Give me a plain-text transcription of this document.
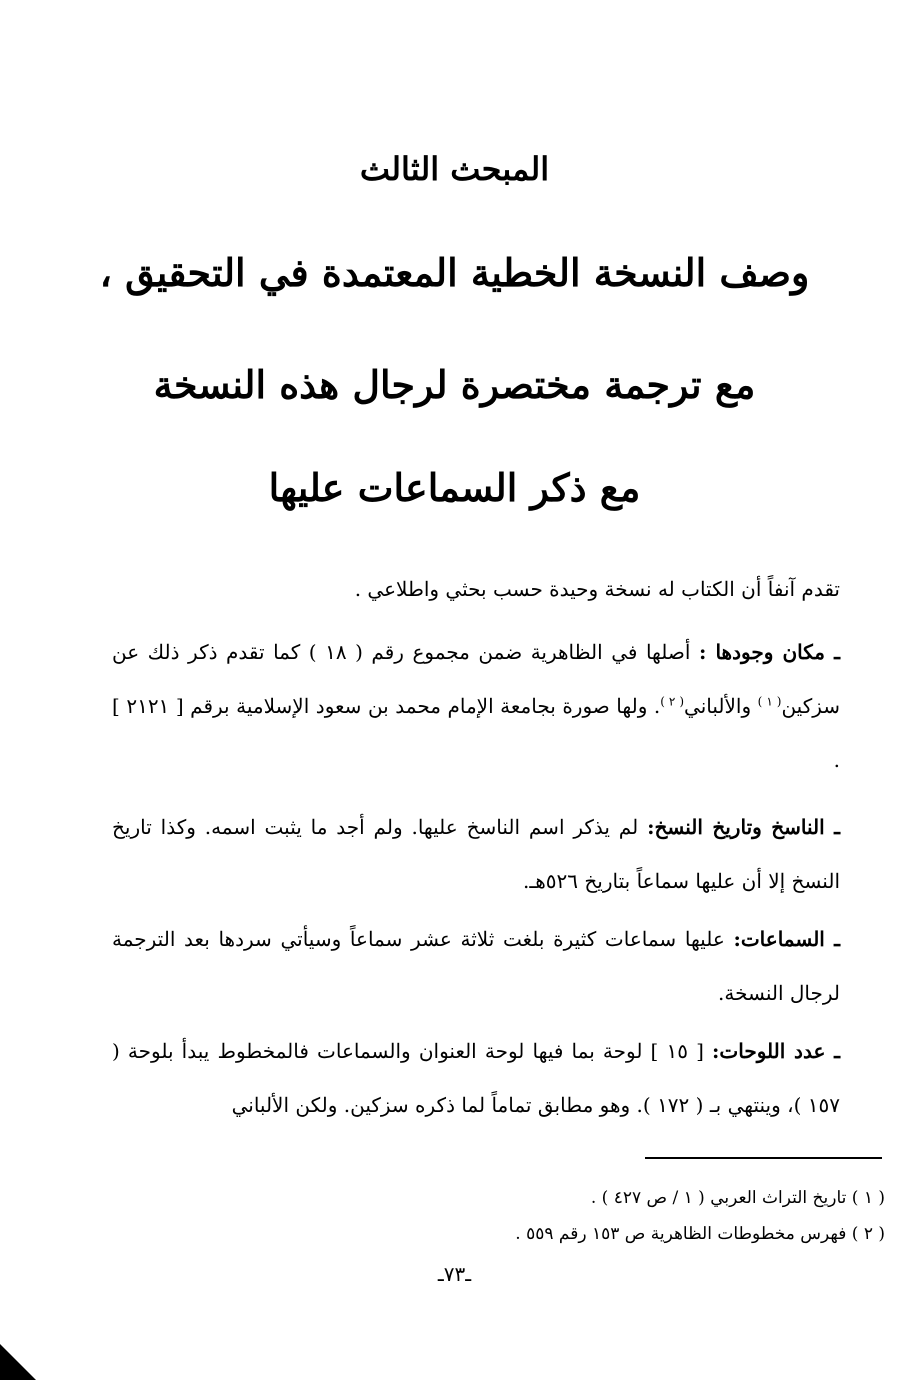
المبحث الثالث
وصف النسخة الخطية المعتمدة في التحقيق ،
مع ترجمة مختصرة لرجال هذه النسخة
مع ذكر السماعات عليها
تقدم آنفاً أن الكتاب له نسخة وحيدة حسب بحثي واطلاعي .
ـ مكان وجودها : أصلها في الظاهرية ضمن مجموع رقم ( ١٨ ) كما تقدم ذكر ذلك عن سزكين$^{( ١ )}$ والألباني$^{( ٢ )}$. ولها صورة بجامعة الإمام محمد بن سعود الإسلامية برقم [ ٢١٢١ ] .
ـ الناسخ وتاريخ النسخ: لم يذكر اسم الناسخ عليها. ولم أجد ما يثبت اسمه. وكذا تاريخ النسخ إلا أن عليها سماعاً بتاريخ ٥٢٦هـ.
ـ السماعات: عليها سماعات كثيرة بلغت ثلاثة عشر سماعاً وسيأتي سردها بعد الترجمة لرجال النسخة.
ـ عدد اللوحات: [ ١٥ ] لوحة بما فيها لوحة العنوان والسماعات فالمخطوط يبدأ بلوحة ( ١٥٧ )، وينتهي بـ ( ١٧٢ ). وهو مطابق تماماً لما ذكره سزكين. ولكن الألباني
( ١ ) تاريخ التراث العربي ( ١ / ص ٤٢٧ ) .
( ٢ ) فهرس مخطوطات الظاهرية ص ١٥٣ رقم ٥٥٩ .
ـ٧٣ـ
